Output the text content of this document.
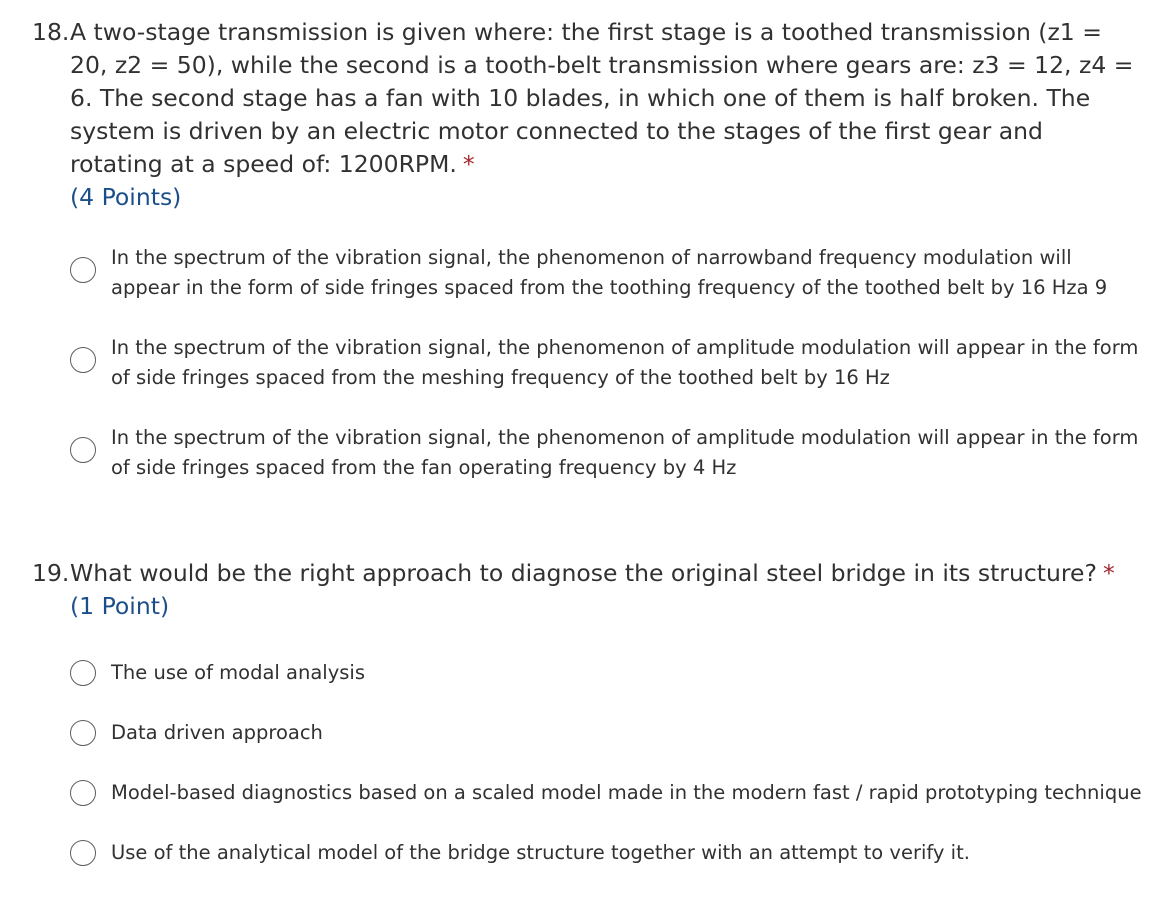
18. A two-stage transmission is given where: the first stage is a toothed transmission (z1 = 20, z2 = 50), while the second is a tooth-belt transmission where gears are: z3 = 12, z4 = 6. The second stage has a fan with 10 blades, in which one of them is half broken. The system is driven by an electric motor connected to the stages of the first gear and rotating at a speed of: 1200RPM. *
(4 Points)
In the spectrum of the vibration signal, the phenomenon of narrowband frequency modulation will appear in the form of side fringes spaced from the toothing frequency of the toothed belt by 16 Hza 9
In the spectrum of the vibration signal, the phenomenon of amplitude modulation will appear in the form of side fringes spaced from the meshing frequency of the toothed belt by 16 Hz
In the spectrum of the vibration signal, the phenomenon of amplitude modulation will appear in the form of side fringes spaced from the fan operating frequency by 4 Hz
19. What would be the right approach to diagnose the original steel bridge in its structure? *
(1 Point)
The use of modal analysis
Data driven approach
Model-based diagnostics based on a scaled model made in the modern fast / rapid prototyping technique
Use of the analytical model of the bridge structure together with an attempt to verify it.
